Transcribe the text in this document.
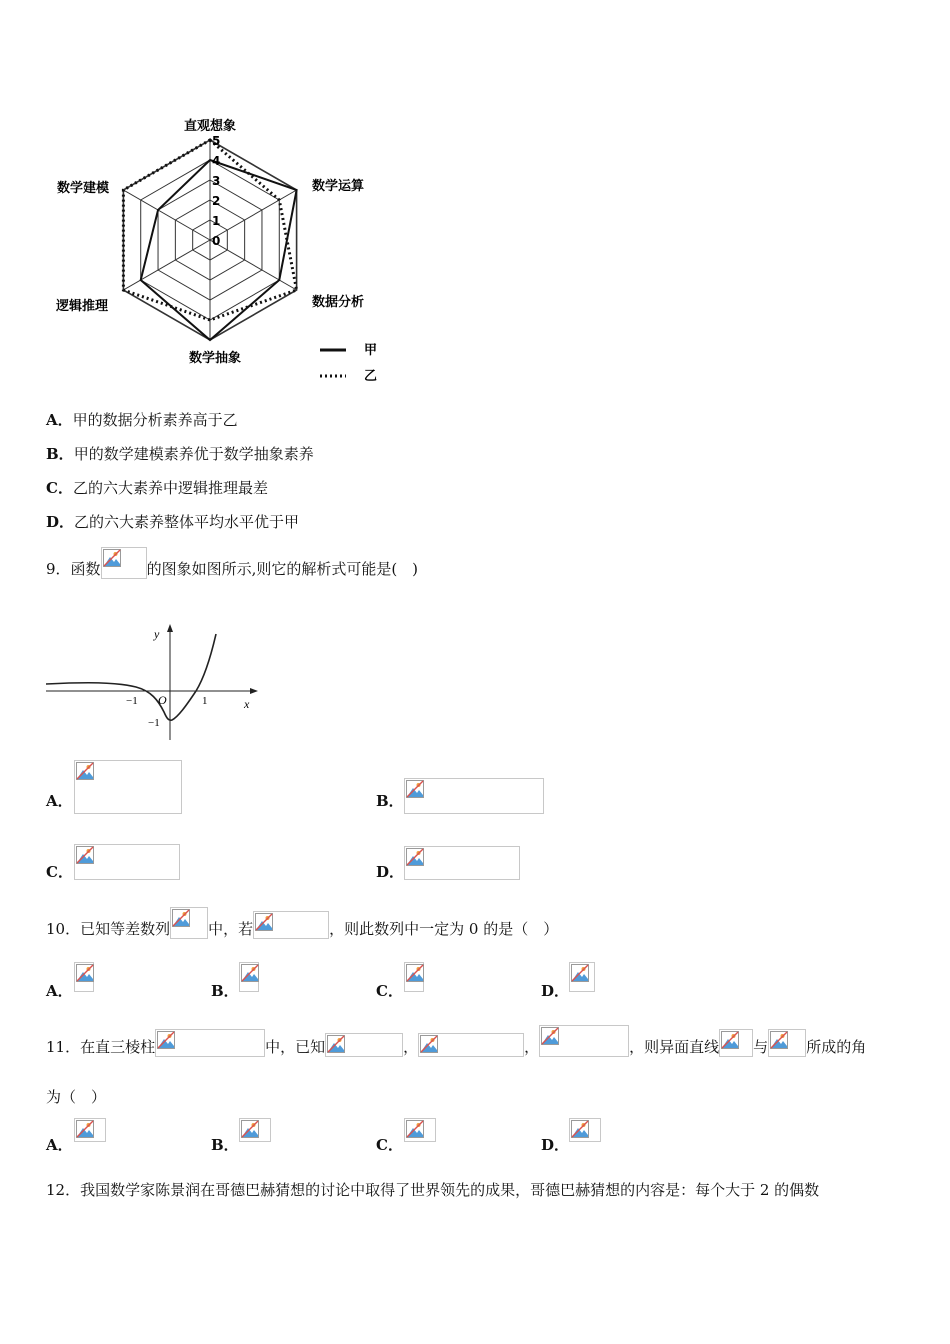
0
1
2
3
4
5
直观想象
数学运算
数据分析
数学抽象
逻辑推理
数学建模
甲
乙
A．甲的数据分析素养高于乙
B．甲的数学建模素养优于数学抽象素养
C．乙的六大素养中逻辑推理最差
D．乙的六大素养整体平均水平优于甲
9．函数	的图象如图所示,则它的解析式可能是(　)
y
x
O
−1	1
−1
A．	B．
C．	D．
10．已知等差数列	中，若	，则此数列中一定为 0 的是（　）
A．	B．	C．	D．
11．在直三棱柱	中，已知	，	，	，则异面直线 与	所成的角
为（　）
A．	B．	C．	D．
12．我国数学家陈景润在哥德巴赫猜想的讨论中取得了世界领先的成果，哥德巴赫猜想的内容是：每个大于 2 的偶数
